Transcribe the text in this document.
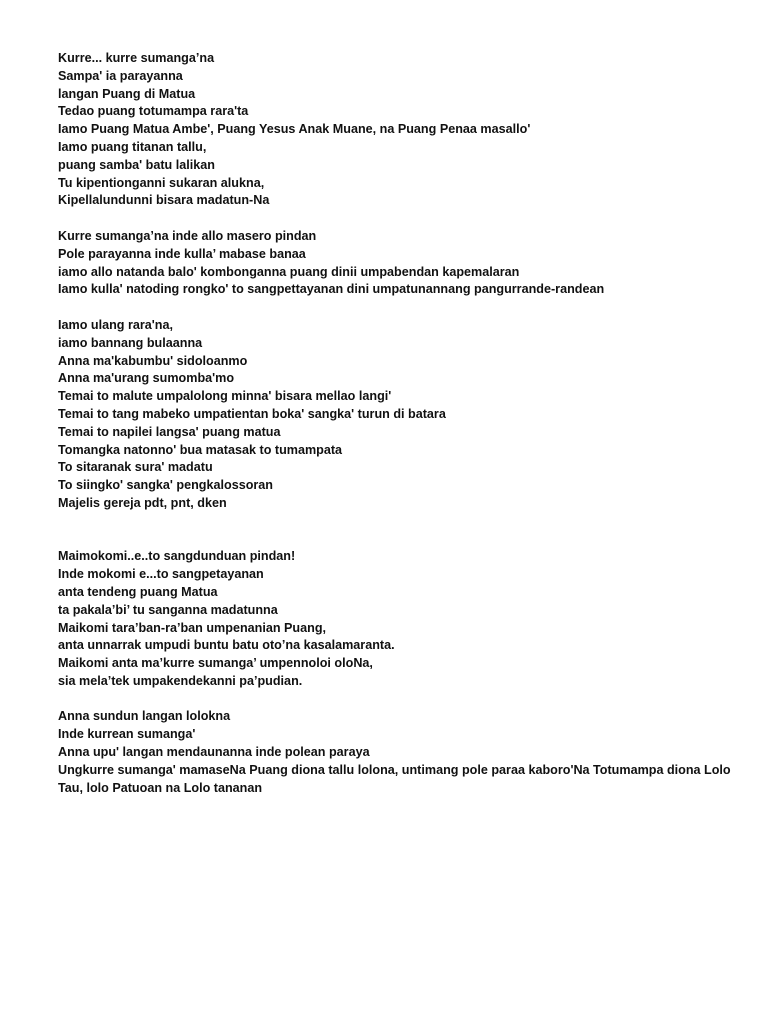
Kurre... kurre sumanga’na
Sampa' ia parayanna
langan Puang di Matua
Tedao puang totumampa rara'ta
Iamo Puang Matua Ambe', Puang Yesus Anak Muane, na Puang Penaa masallo'
Iamo puang titanan tallu,
puang samba' batu lalikan
Tu kipentionganni sukaran alukna,
Kipellalundunni bisara madatun-Na
Kurre sumanga’na inde allo masero pindan
Pole parayanna inde kulla’ mabase banaa
iamo allo natanda balo' kombonganna puang dinii umpabendan kapemalaran
Iamo kulla' natoding rongko' to sangpettayanan dini umpatunannang pangurrande-randean
Iamo ulang rara'na,
iamo bannang bulaanna
Anna ma'kabumbu' sidoloanmo
Anna ma'urang sumomba'mo
Temai to malute umpalolong minna' bisara mellao langi'
Temai to tang mabeko umpatientan boka' sangka' turun di batara
Temai to napilei langsa' puang matua
Tomangka natonno' bua matasak to tumampata
To sitaranak sura' madatu
To siingko' sangka' pengkalossoran
Majelis gereja pdt, pnt, dken
Maimokomi..e..to sangdunduan pindan!
Inde mokomi e...to sangpetayanan
anta tendeng puang Matua
ta pakala’bi’ tu sanganna madatunna
Maikomi tara’ban-ra’ban umpenanian Puang,
anta unnarrak umpudi buntu batu oto’na kasalamaranta.
Maikomi anta ma’kurre sumanga’ umpennoloi oloNa,
sia mela’tek umpakendekanni pa’pudian.
Anna sundun langan lolokna
Inde kurrean sumanga'
Anna upu' langan mendaunanna inde polean paraya
Ungkurre sumanga' mamaseNa Puang diona tallu lolona, untimang pole paraa kaboro'Na Totumampa diona Lolo Tau, lolo Patuoan na Lolo tananan
